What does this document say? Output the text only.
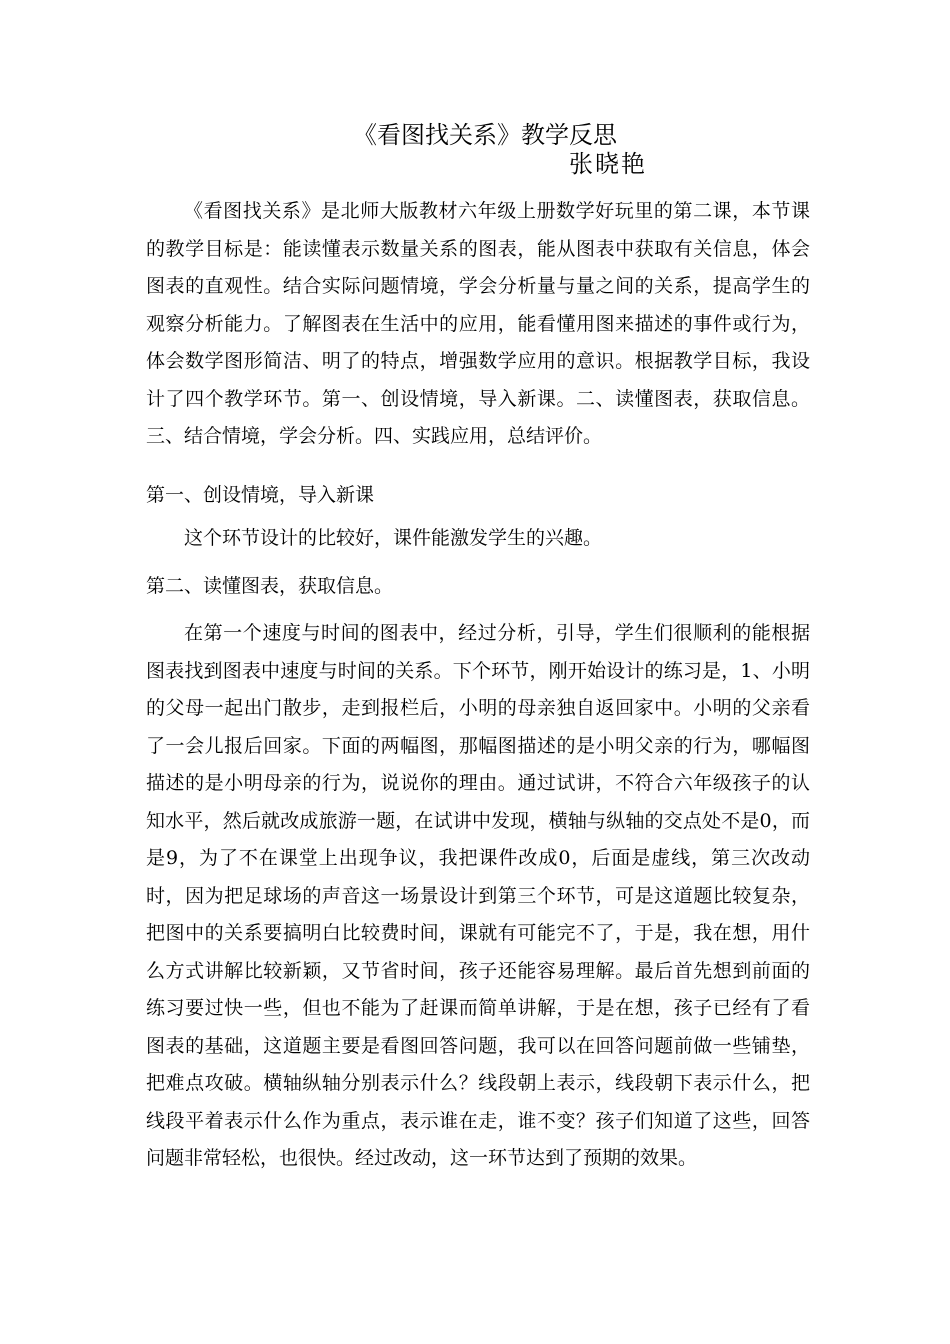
《看图找关系》教学反思
张晓艳
《看图找关系》是北师大版教材六年级上册数学好玩里的第二课，本节课的教学目标是：能读懂表示数量关系的图表，能从图表中获取有关信息，体会图表的直观性。结合实际问题情境，学会分析量与量之间的关系，提高学生的观察分析能力。了解图表在生活中的应用，能看懂用图来描述的事件或行为，体会数学图形简洁、明了的特点，增强数学应用的意识。根据教学目标，我设计了四个教学环节。第一、创设情境，导入新课。二、读懂图表，获取信息。三、结合情境，学会分析。四、实践应用，总结评价。
第一、创设情境，导入新课
这个环节设计的比较好，课件能激发学生的兴趣。
第二、读懂图表，获取信息。
在第一个速度与时间的图表中，经过分析，引导，学生们很顺利的能根据图表找到图表中速度与时间的关系。下个环节，刚开始设计的练习是，1、小明的父母一起出门散步，走到报栏后，小明的母亲独自返回家中。小明的父亲看了一会儿报后回家。下面的两幅图，那幅图描述的是小明父亲的行为，哪幅图描述的是小明母亲的行为，说说你的理由。通过试讲，不符合六年级孩子的认知水平，然后就改成旅游一题，在试讲中发现，横轴与纵轴的交点处不是0，而是9，为了不在课堂上出现争议，我把课件改成0，后面是虚线，第三次改动时，因为把足球场的声音这一场景设计到第三个环节，可是这道题比较复杂，把图中的关系要搞明白比较费时间，课就有可能完不了，于是，我在想，用什么方式讲解比较新颖，又节省时间，孩子还能容易理解。最后首先想到前面的练习要过快一些，但也不能为了赶课而简单讲解，于是在想，孩子已经有了看图表的基础，这道题主要是看图回答问题，我可以在回答问题前做一些铺垫，把难点攻破。横轴纵轴分别表示什么？线段朝上表示，线段朝下表示什么，把线段平着表示什么作为重点，表示谁在走，谁不变？孩子们知道了这些，回答问题非常轻松，也很快。经过改动，这一环节达到了预期的效果。
